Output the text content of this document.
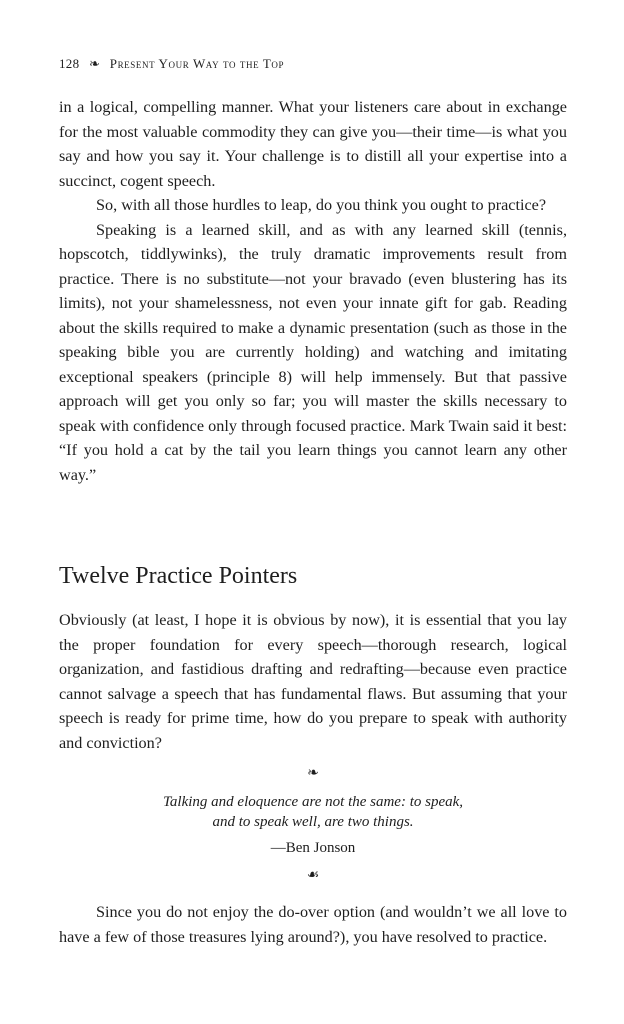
128 ❧ Present Your Way to the Top

in a logical, compelling manner. What your listeners care about in exchange for the most valuable commodity they can give you—their time—is what you say and how you say it. Your challenge is to distill all your expertise into a succinct, cogent speech.

So, with all those hurdles to leap, do you think you ought to practice?

Speaking is a learned skill, and as with any learned skill (tennis, hopscotch, tiddlywinks), the truly dramatic improvements result from practice. There is no substitute—not your bravado (even blustering has its limits), not your shamelessness, not even your innate gift for gab. Reading about the skills required to make a dynamic presentation (such as those in the speaking bible you are currently holding) and watching and imitating exceptional speakers (principle 8) will help immensely. But that passive approach will get you only so far; you will master the skills necessary to speak with confidence only through focused practice. Mark Twain said it best: “If you hold a cat by the tail you learn things you cannot learn any other way.”

Twelve Practice Pointers

Obviously (at least, I hope it is obvious by now), it is essential that you lay the proper foundation for every speech—thorough research, logical organization, and fastidious drafting and redrafting—because even practice cannot salvage a speech that has fundamental flaws. But assuming that your speech is ready for prime time, how do you prepare to speak with authority and conviction?

❧
Talking and eloquence are not the same: to speak,
and to speak well, are two things.
—Ben Jonson
☙

Since you do not enjoy the do-over option (and wouldn’t we all love to have a few of those treasures lying around?), you have resolved to practice.
